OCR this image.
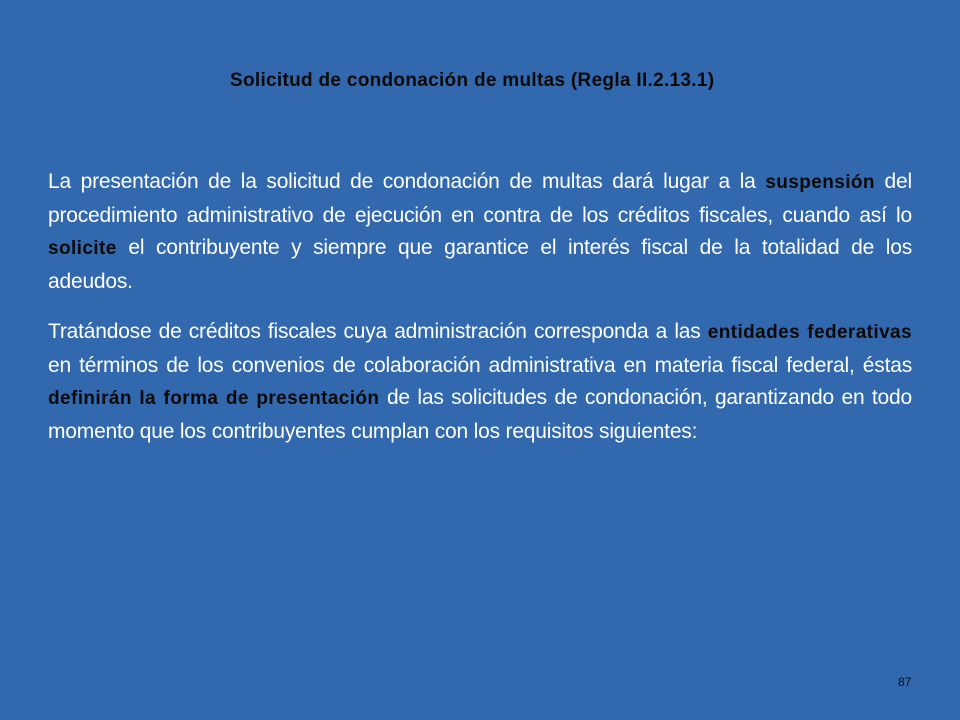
Solicitud de condonación de multas (Regla II.2.13.1)

La presentación de la solicitud de condonación de multas dará lugar a la suspensión del procedimiento administrativo de ejecución en contra de los créditos fiscales, cuando así lo solicite el contribuyente y siempre que garantice el interés fiscal de la totalidad de los adeudos.

Tratándose de créditos fiscales cuya administración corresponda a las entidades federativas en términos de los convenios de colaboración administrativa en materia fiscal federal, éstas definirán la forma de presentación de las solicitudes de condonación, garantizando en todo momento que los contribuyentes cumplan con los requisitos siguientes:

87
